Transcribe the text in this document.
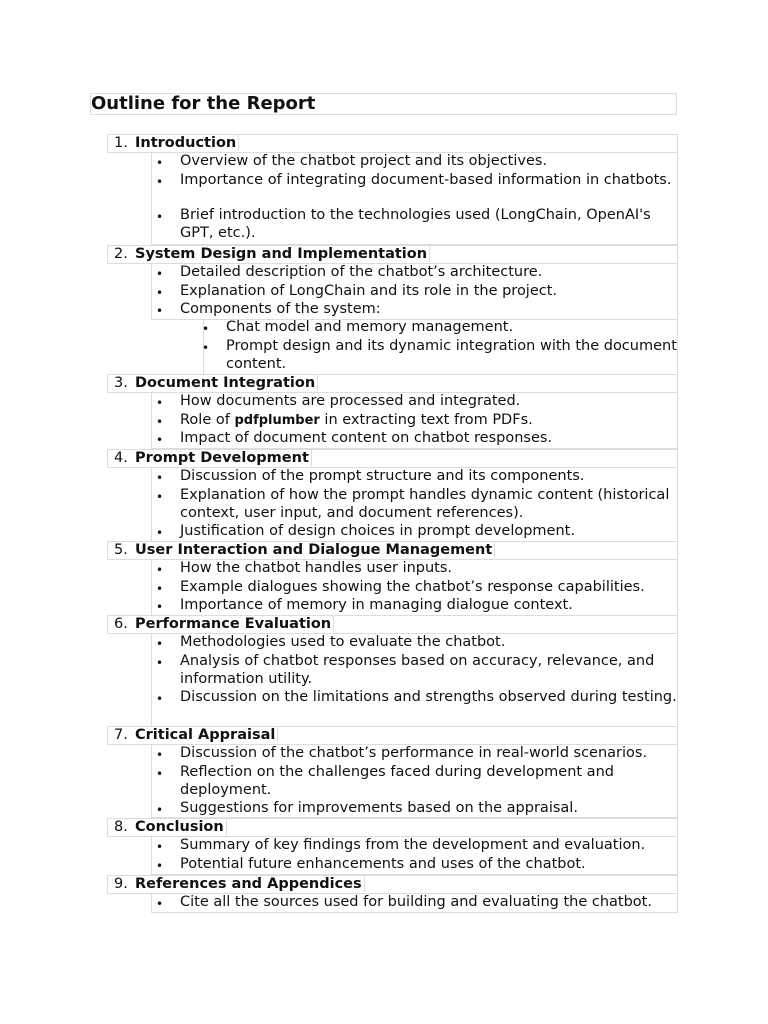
Outline for the Report
1. Introduction
• Overview of the chatbot project and its objectives.
• Importance of integrating document-based information in chatbots.
• Brief introduction to the technologies used (LongChain, OpenAI's GPT, etc.).
2. System Design and Implementation
• Detailed description of the chatbot’s architecture.
• Explanation of LongChain and its role in the project.
• Components of the system:
• Chat model and memory management.
• Prompt design and its dynamic integration with the document content.
3. Document Integration
• How documents are processed and integrated.
• Role of pdfplumber in extracting text from PDFs.
• Impact of document content on chatbot responses.
4. Prompt Development
• Discussion of the prompt structure and its components.
• Explanation of how the prompt handles dynamic content (historical context, user input, and document references).
• Justification of design choices in prompt development.
5. User Interaction and Dialogue Management
• How the chatbot handles user inputs.
• Example dialogues showing the chatbot’s response capabilities.
• Importance of memory in managing dialogue context.
6. Performance Evaluation
• Methodologies used to evaluate the chatbot.
• Analysis of chatbot responses based on accuracy, relevance, and information utility.
• Discussion on the limitations and strengths observed during testing.
7. Critical Appraisal
• Discussion of the chatbot’s performance in real-world scenarios.
• Reflection on the challenges faced during development and deployment.
• Suggestions for improvements based on the appraisal.
8. Conclusion
• Summary of key findings from the development and evaluation.
• Potential future enhancements and uses of the chatbot.
9. References and Appendices
• Cite all the sources used for building and evaluating the chatbot.
